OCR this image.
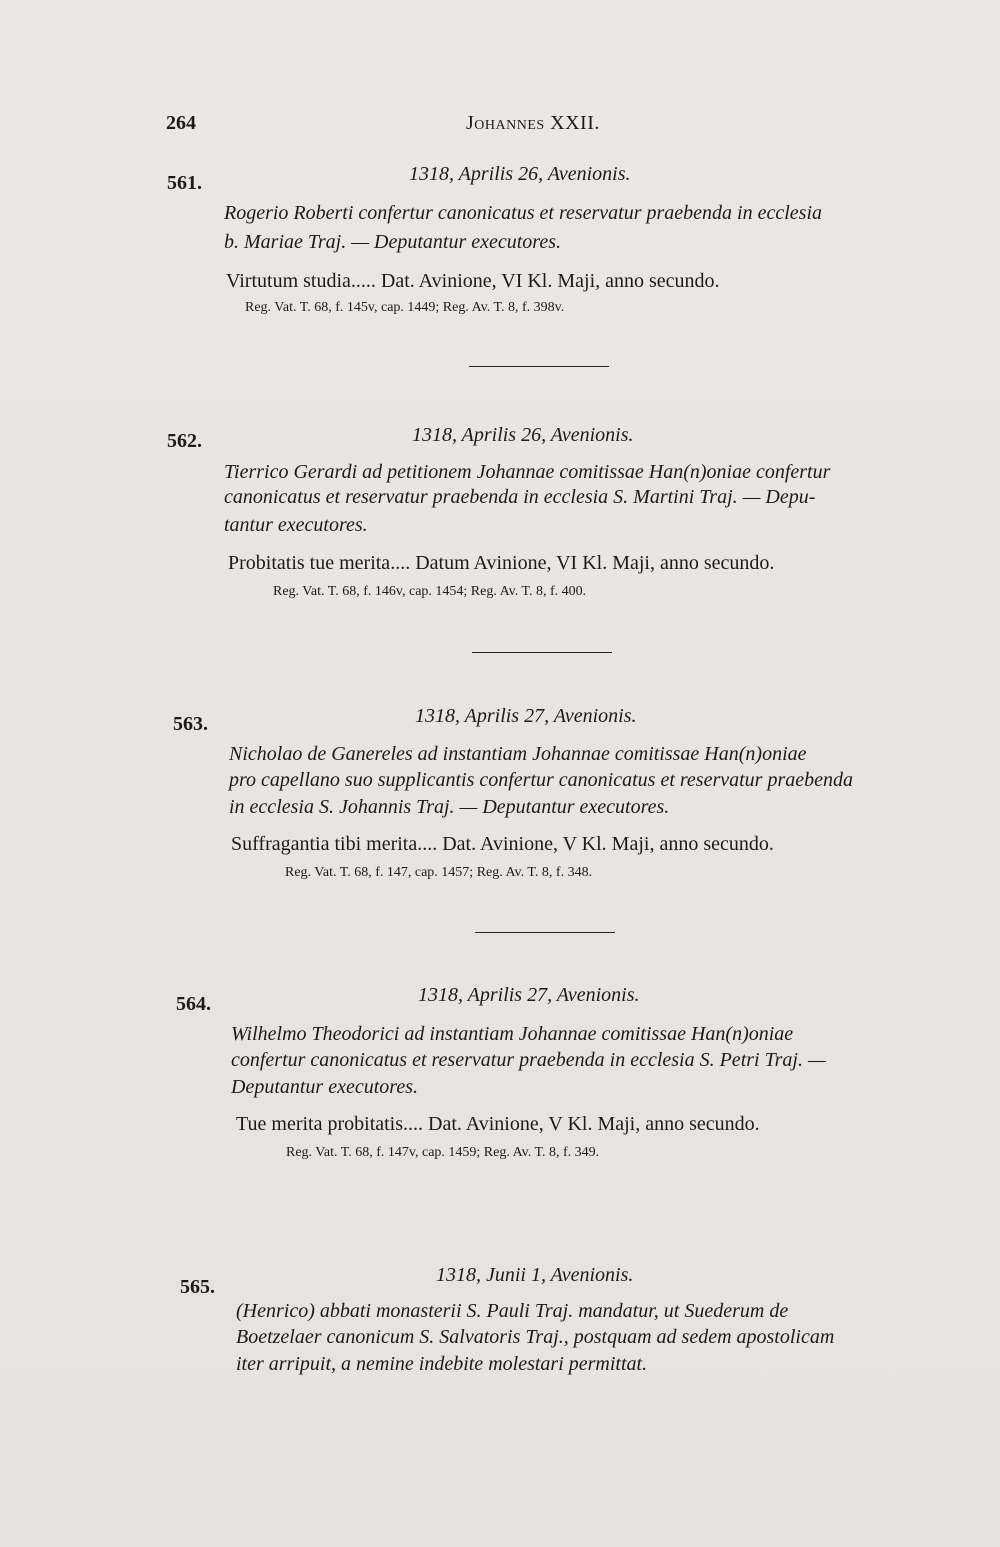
264	Johannes XXII.
561.	1318, Aprilis 26, Avenionis.
Rogerio Roberti confertur canonicatus et reservatur praebenda in ecclesia
b. Mariae Traj. — Deputantur executores.
Virtutum studia..... Dat. Avinione, VI Kl. Maji, anno secundo.
Reg. Vat. T. 68, f. 145v, cap. 1449; Reg. Av. T. 8, f. 398v.
562.	1318, Aprilis 26, Avenionis.
Tierrico Gerardi ad petitionem Johannae comitissae Han(n)oniae confertur
canonicatus et reservatur praebenda in ecclesia S. Martini Traj. — Depu-
tantur executores.
Probitatis tue merita.... Datum Avinione, VI Kl. Maji, anno secundo.
Reg. Vat. T. 68, f. 146v, cap. 1454; Reg. Av. T. 8, f. 400.
563.	1318, Aprilis 27, Avenionis.
Nicholao de Ganereles ad instantiam Johannae comitissae Han(n)oniae
pro capellano suo supplicantis confertur canonicatus et reservatur praebenda
in ecclesia S. Johannis Traj. — Deputantur executores.
Suffragantia tibi merita.... Dat. Avinione, V Kl. Maji, anno secundo.
Reg. Vat. T. 68, f. 147, cap. 1457; Reg. Av. T. 8, f. 348.
564.	1318, Aprilis 27, Avenionis.
Wilhelmo Theodorici ad instantiam Johannae comitissae Han(n)oniae
confertur canonicatus et reservatur praebenda in ecclesia S. Petri Traj. —
Deputantur executores.
Tue merita probitatis.... Dat. Avinione, V Kl. Maji, anno secundo.
Reg. Vat. T. 68, f. 147v, cap. 1459; Reg. Av. T. 8, f. 349.
565.
1318, Junii 1, Avenionis.
(Henrico) abbati monasterii S. Pauli Traj. mandatur, ut Suederum de
Boetzelaer canonicum S. Salvatoris Traj., postquam ad sedem apostolicam
iter arripuit, a nemine indebite molestari permittat.
